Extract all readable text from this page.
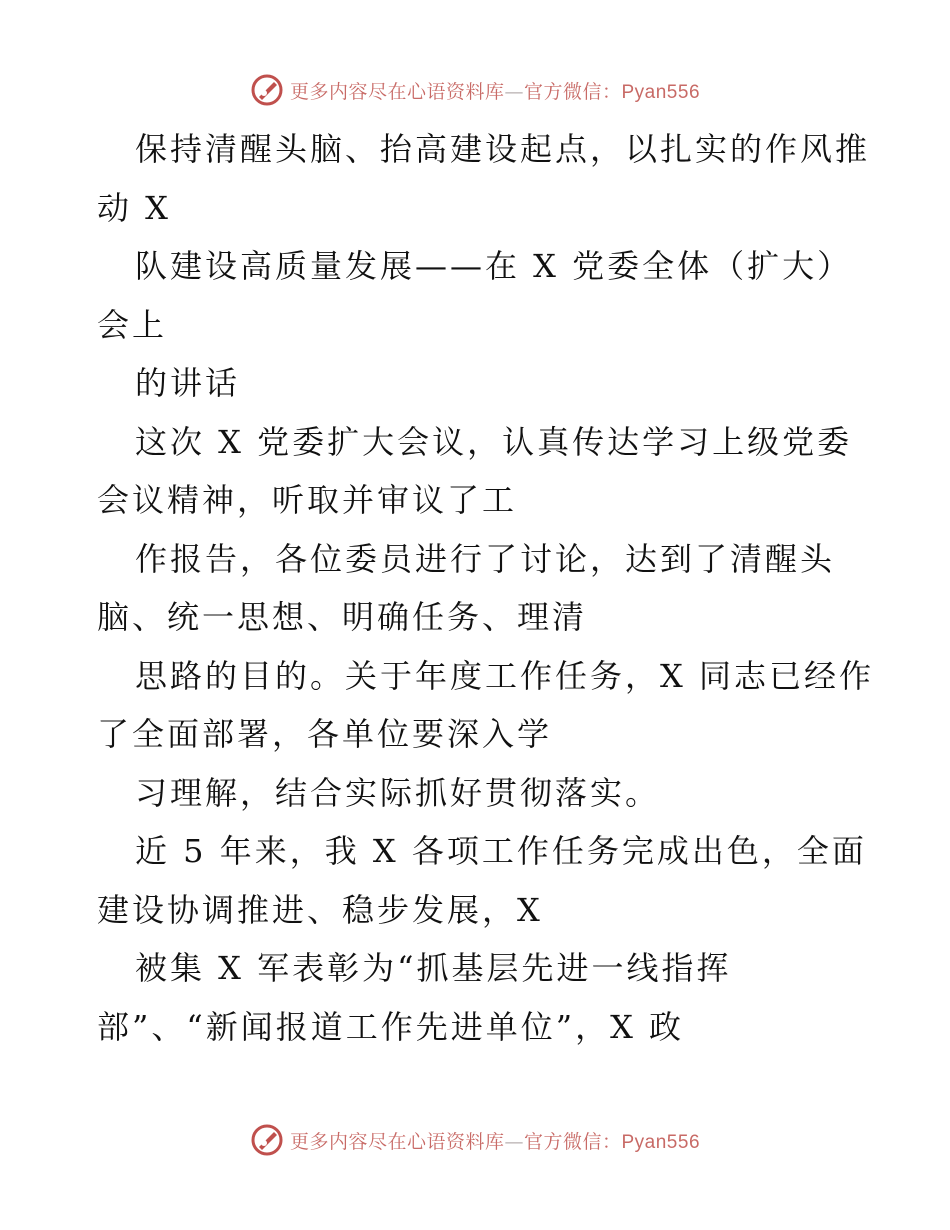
更多内容尽在心语资料库—官方微信：Pyan556
保持清醒头脑、抬高建设起点，以扎实的作风推
动 X
队建设高质量发展——在 X 党委全体（扩大）
会上
的讲话
这次 X 党委扩大会议，认真传达学习上级党委
会议精神，听取并审议了工
作报告，各位委员进行了讨论，达到了清醒头
脑、统一思想、明确任务、理清
思路的目的。关于年度工作任务，X 同志已经作
了全面部署，各单位要深入学
习理解，结合实际抓好贯彻落实。
近 5 年来，我 X 各项工作任务完成出色，全面
建设协调推进、稳步发展，X
被集 X 军表彰为“抓基层先进一线指挥
部”、“新闻报道工作先进单位”，X 政
更多内容尽在心语资料库—官方微信：Pyan556
